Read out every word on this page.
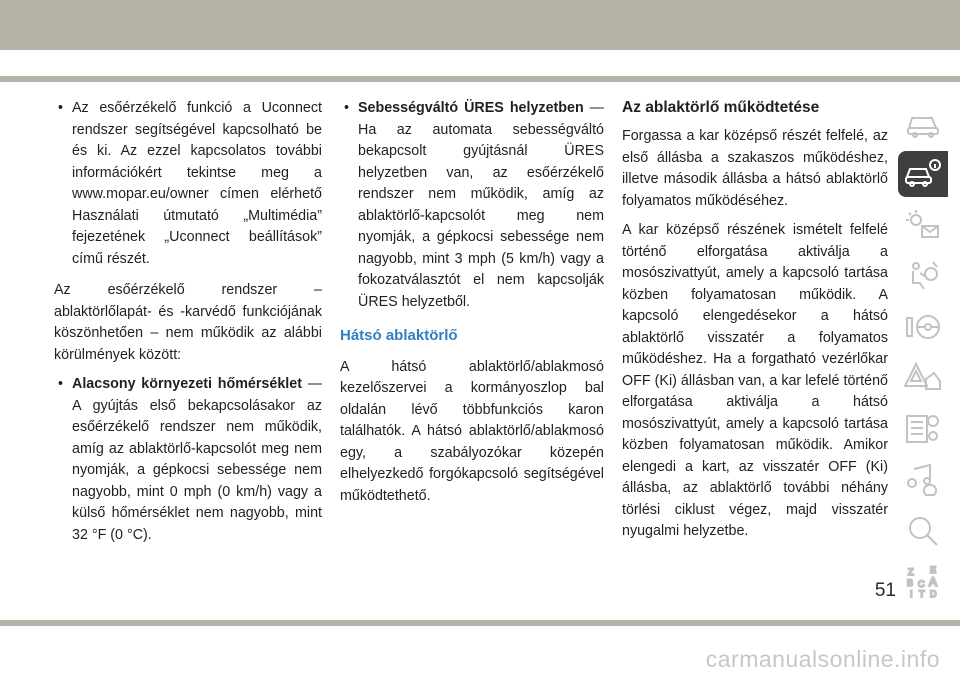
• Az esőérzékelő funkció a Uconnect rendszer segítségével kapcsolható be és ki. Az ezzel kapcsolatos további információkért tekintse meg a www.mopar.eu/owner címen elérhető Használati útmutató „Multimédia” fejezetének „Uconnect beállítások” című részét.

Az esőérzékelő rendszer – ablaktörlőlapát- és -karvédő funkciójának köszönhetően – nem működik az alábbi körülmények között:

• Alacsony környezeti hőmérséklet — A gyújtás első bekapcsolásakor az esőérzékelő rendszer nem működik, amíg az ablaktörlő-kapcsolót meg nem nyomják, a gépkocsi sebessége nem nagyobb, mint 0 mph (0 km/h) vagy a külső hőmérséklet nem nagyobb, mint 32 °F (0 °C).
• Sebességváltó ÜRES helyzetben — Ha az automata sebességváltó bekapcsolt gyújtásnál ÜRES helyzetben van, az esőérzékelő rendszer nem működik, amíg az ablaktörlő-kapcsolót meg nem nyomják, a gépkocsi sebessége nem nagyobb, mint 3 mph (5 km/h) vagy a fokozatválasztót el nem kapcsolják ÜRES helyzetből.
Hátsó ablaktörlő

A hátsó ablaktörlő/ablakmosó kezelőszervei a kormányoszlop bal oldalán lévő többfunkciós karon találhatók. A hátsó ablaktörlő/ablakmosó egy, a szabályozókar közepén elhelyezkedő forgókapcsoló segítségével működtethető.

Az ablaktörlő működtetése

Forgassa a kar középső részét felfelé, az első állásba a szakaszos működéshez, illetve második állásba a hátsó ablaktörlő folyamatos működéséhez.

A kar középső részének ismételt felfelé történő elforgatása aktiválja a mosószivattyút, amely a kapcsoló tartása közben folyamatosan működik. A kapcsoló elengedésekor a hátsó ablaktörlő visszatér a folyamatos működéshez. Ha a forgatható vezérlőkar OFF (Ki) állásban van, a kar lefelé történő elforgatása aktiválja a hátsó mosószivattyút, amely a kapcsoló tartása közben folyamatosan működik. Amikor elengedi a kart, az visszatér OFF (Ki) állásba, az ablaktörlő további néhány törlési ciklust végez, majd visszatér nyugalmi helyzetbe.

Z E
B C A
I T D
51
carmanualsonline.info
